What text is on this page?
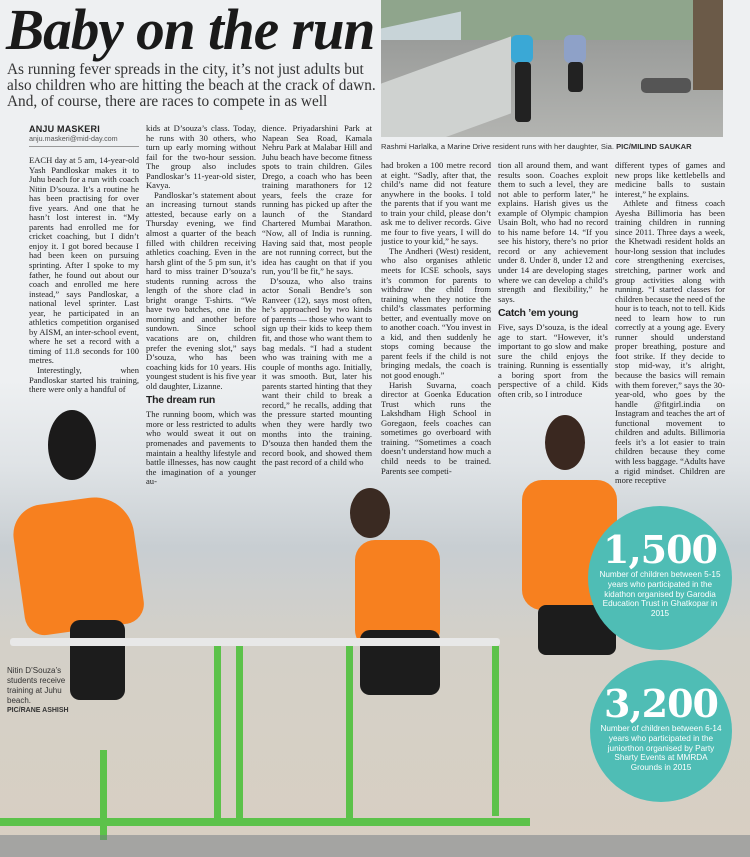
Baby on the run
As running fever spreads in the city, it’s not just adults but also children who are hitting the beach at the crack of dawn. And, of course, there are races to compete in as well
Rashmi Harlalka, a Marine Drive resident runs with her daughter, Sia. PIC/MILIND SAUKAR
Nitin D’Souza’s students receive training at Juhu beach.
PIC/RANE ASHISH
ANJU MASKERI
anju.maskeri@mid-day.com

EACH day at 5 am, 14-year-old Yash Pandloskar makes it to Juhu beach for a run with coach Nitin D’souza. It’s a routine he has been practising for over five years. And one that he hasn’t lost interest in. “My parents had enrolled me for cricket coaching, but I didn’t enjoy it. I got bored because I had been keen on pursuing sprinting. After I spoke to my father, he found out about our coach and enrolled me here instead,” says Pandloskar, a national level sprinter. Last year, he participated in an athletics competition organised by AISM, an inter-school event, where he set a record with a timing of 11.8 seconds for 100 metres.

Interestingly, when Pandloskar started his training, there were only a handful of

kids at D’souza’s class. Today, he runs with 30 others, who turn up early morning without fail for the two-hour session. The group also includes Pandloskar’s 11-year-old sister, Kavya.

Pandloskar’s statement about an increasing turnout stands attested, because early on a Thursday evening, we find almost a quarter of the beach filled with children receiving athletics coaching. Even in the harsh glint of the 5 pm sun, it’s hard to miss trainer D’souza’s students running across the length of the shore clad in bright orange T-shirts. “We have two batches, one in the morning and another before sundown. Since school vacations are on, children prefer the evening slot,” says D’souza, who has been coaching kids for 10 years. His youngest student is his five year old daughter, Lizanne.

The dream run

The running boom, which was more or less restricted to adults who would sweat it out on promenades and pavements to maintain a healthy lifestyle and battle illnesses, has now caught the imagination of a younger au-

dience. Priyadarshini Park at Napean Sea Road, Kamala Nehru Park at Malabar Hill and Juhu beach have become fitness spots to train children. Giles Drego, a coach who has been training marathoners for 12 years, feels the craze for running has picked up after the launch of the Standard Chartered Mumbai Marathon. “Now, all of India is running. Having said that, most people are not running correct, but the idea has caught on that if you run, you’ll be fit,” he says.

D’souza, who also trains actor Sonali Bendre’s son Ranveer (12), says most often, he’s approached by two kinds of parents — those who want to sign up their kids to keep them fit, and those who want them to bag medals. “I had a student who was training with me a couple of months ago. Initially, it was smooth. But, later his parents started hinting that they want their child to break a record,” he recalls, adding that the pressure started mounting when they were hardly two months into the training. D’souza then handed them the record book, and showed them the past record of a child who

had broken a 100 metre record at eight. “Sadly, after that, the child’s name did not feature anywhere in the books. I told the parents that if you want me to train your child, please don’t ask me to deliver records. Give me four to five years, I will do justice to your kid,” he says.

The Andheri (West) resident, who also organises athletic meets for ICSE schools, says it’s common for parents to withdraw the child from training when they notice the child’s classmates performing better, and eventually move on to another coach. “You invest in a kid, and then suddenly he stops coming because the parent feels if the child is not bringing medals, the coach is not good enough.”

Harish Suvarna, coach director at Goenka Education Trust which runs the Lakshdham High School in Goregaon, feels coaches can sometimes go overboard with training. “Sometimes a coach doesn’t understand how much a child needs to be trained. Parents see competi-

tion all around them, and want results soon. Coaches exploit them to such a level, they are not able to perform later,” he explains. Harish gives us the example of Olympic champion Usain Bolt, who had no record to his name before 14. “If you see his history, there’s no prior record or any achievement under 8. Under 8, under 12 and under 14 are developing stages where we can develop a child’s strength and flexibility,” he says.

Catch ’em young

Five, says D’souza, is the ideal age to start. “However, it’s important to go slow and make sure the child enjoys the training. Running is essentially a boring sport from the perspective of a child. Kids often crib, so I introduce

different types of games and new props like kettlebells and medicine balls to sustain interest,” he explains.

Athlete and fitness coach Ayesha Billimoria has been training children in running since 2011. Three days a week, the Khetwadi resident holds an hour-long session that includes core strengthening exercises, stretching, partner work and group activities along with running. “I started classes for children because the need of the hour is to teach, not to tell. Kids need to learn how to run correctly at a young age. Every runner should understand proper breathing, posture and foot strike. If they decide to stop mid-way, it’s alright, because the basics will remain with them forever,” says the 30-year-old, who goes by the handle @fitgirl.india on Instagram and teaches the art of functional movement to children and adults. Billimoria feels it’s a lot easier to train children because they come with less baggage. “Adults have a rigid mindset. Children are more receptive

1,500
Number of children between 5-15 years who participated in the kidathon organised by Garodia Education Trust in Ghatkopar in 2015
3,200
Number of children between 6-14 years who participated in the juniorthon organised by Party Sharty Events at MMRDA Grounds in 2015
